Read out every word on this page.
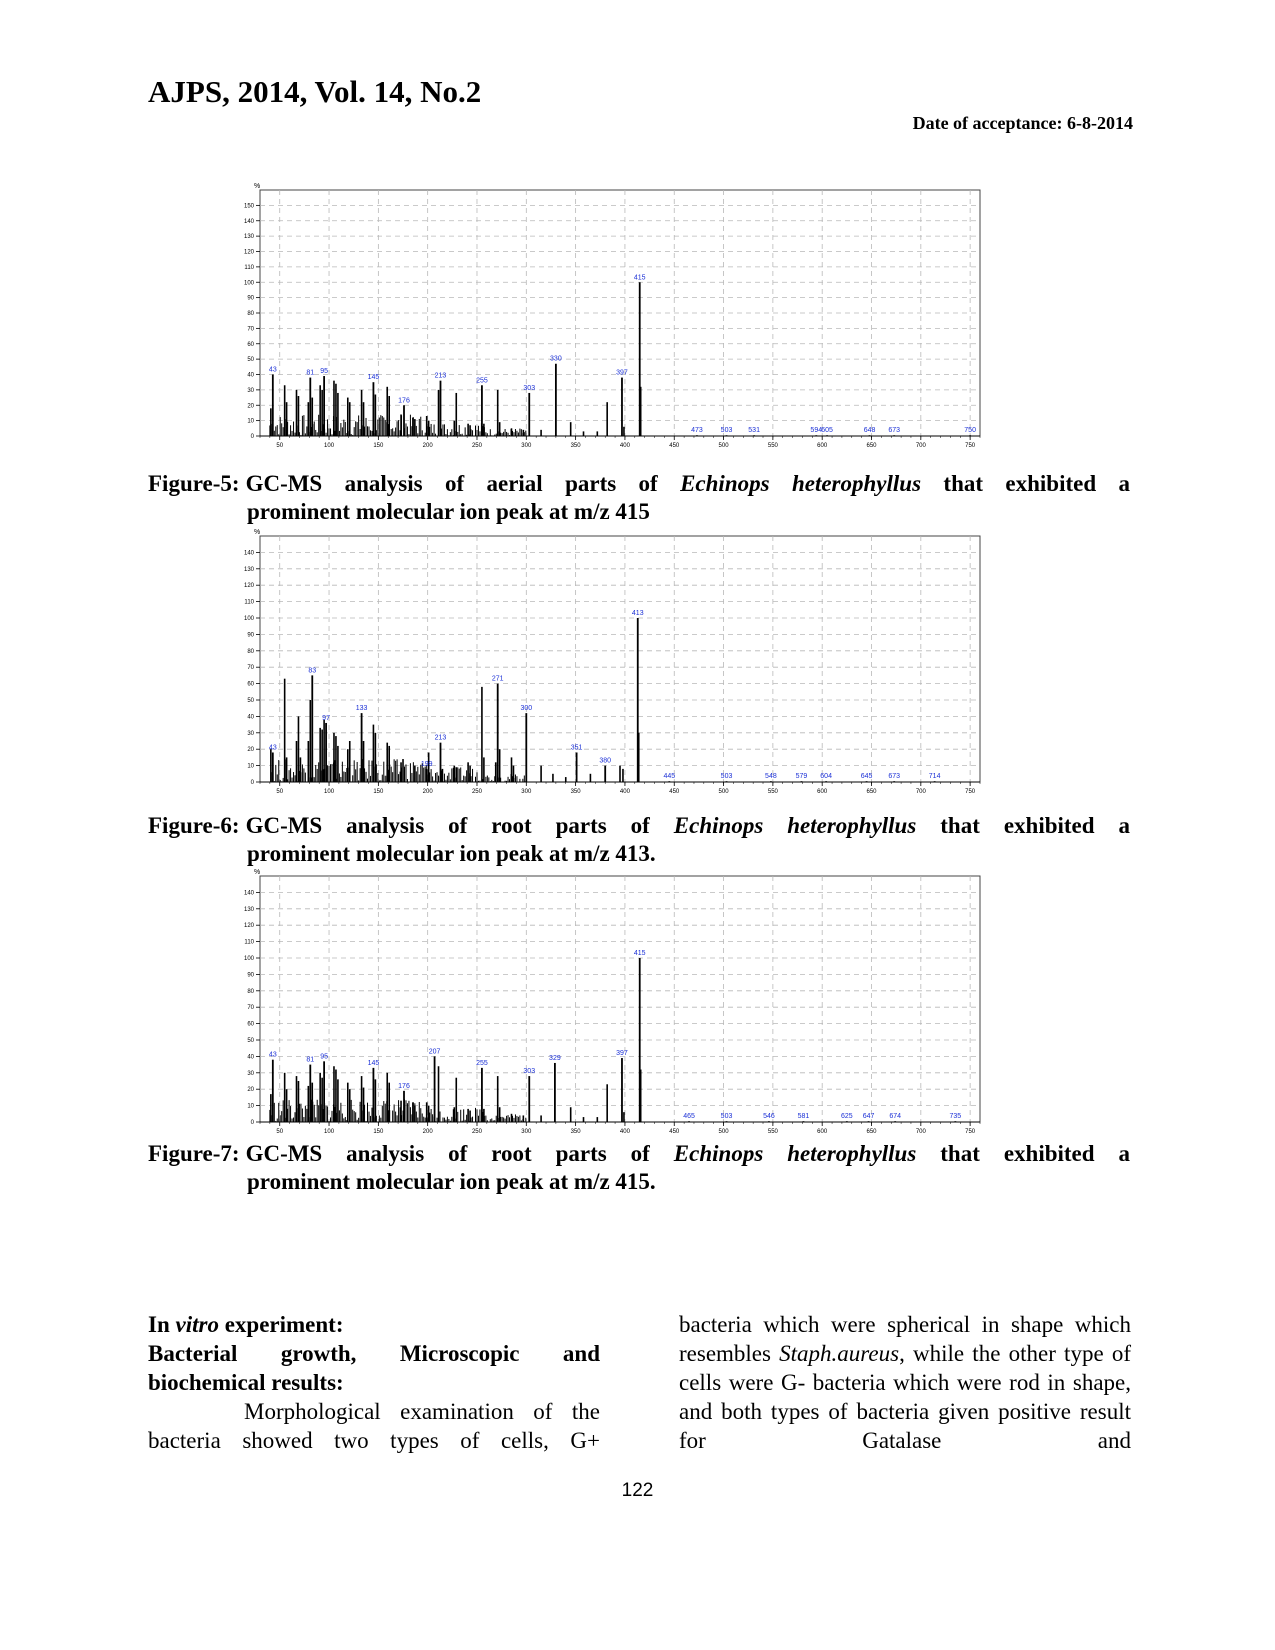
AJPS, 2014, Vol. 14, No.2
Date of acceptance: 6-8-2014
%
0
10
20
30
40
50
60
70
80
90
100
110
120
130
140
150
50	100	150	200	250	300	350	400	450	500	550	600	650	700	750
43	81 95
145
176
213
255
303
330
397
415
473	503 531	594 605	648 673	750
Figure-5: GC-MS analysis of aerial parts of Echinops heterophyllus that exhibited a
prominent molecular ion peak at m/z 415
%
0
10
20
30
40
50
60
70
80
90
100
110
120
130
140
50	100	150	200	250	300	350	400	450	500	550	600	650	700	750
43
83
97
133
199
213
271
300
351
380
413
445	503	548	579 604	645 673	714
Figure-6: GC-MS analysis of root parts of Echinops heterophyllus that exhibited a
prominent molecular ion peak at m/z 413.
%
0
10
20
30
40
50
60
70
80
90
100
110
120
130
140
50	100	150	200	250	300	350	400	450	500	550	600	650	700	750
43
81 95
145
176
207
255
303
329
397
415
465	503	546	581	625 647 674	735
Figure-7: GC-MS analysis of root parts of Echinops heterophyllus that exhibited a
prominent molecular ion peak at m/z 415.
In vitro experiment:
Bacterial growth, Microscopic and
biochemical results:
Morphological examination of the bacteria showed two types of cells, G+
bacteria which were spherical in shape which resembles Staph.aureus, while the other type of cells were G- bacteria which were rod in shape, and both types of bacteria given positive result for Gatalase and
122
